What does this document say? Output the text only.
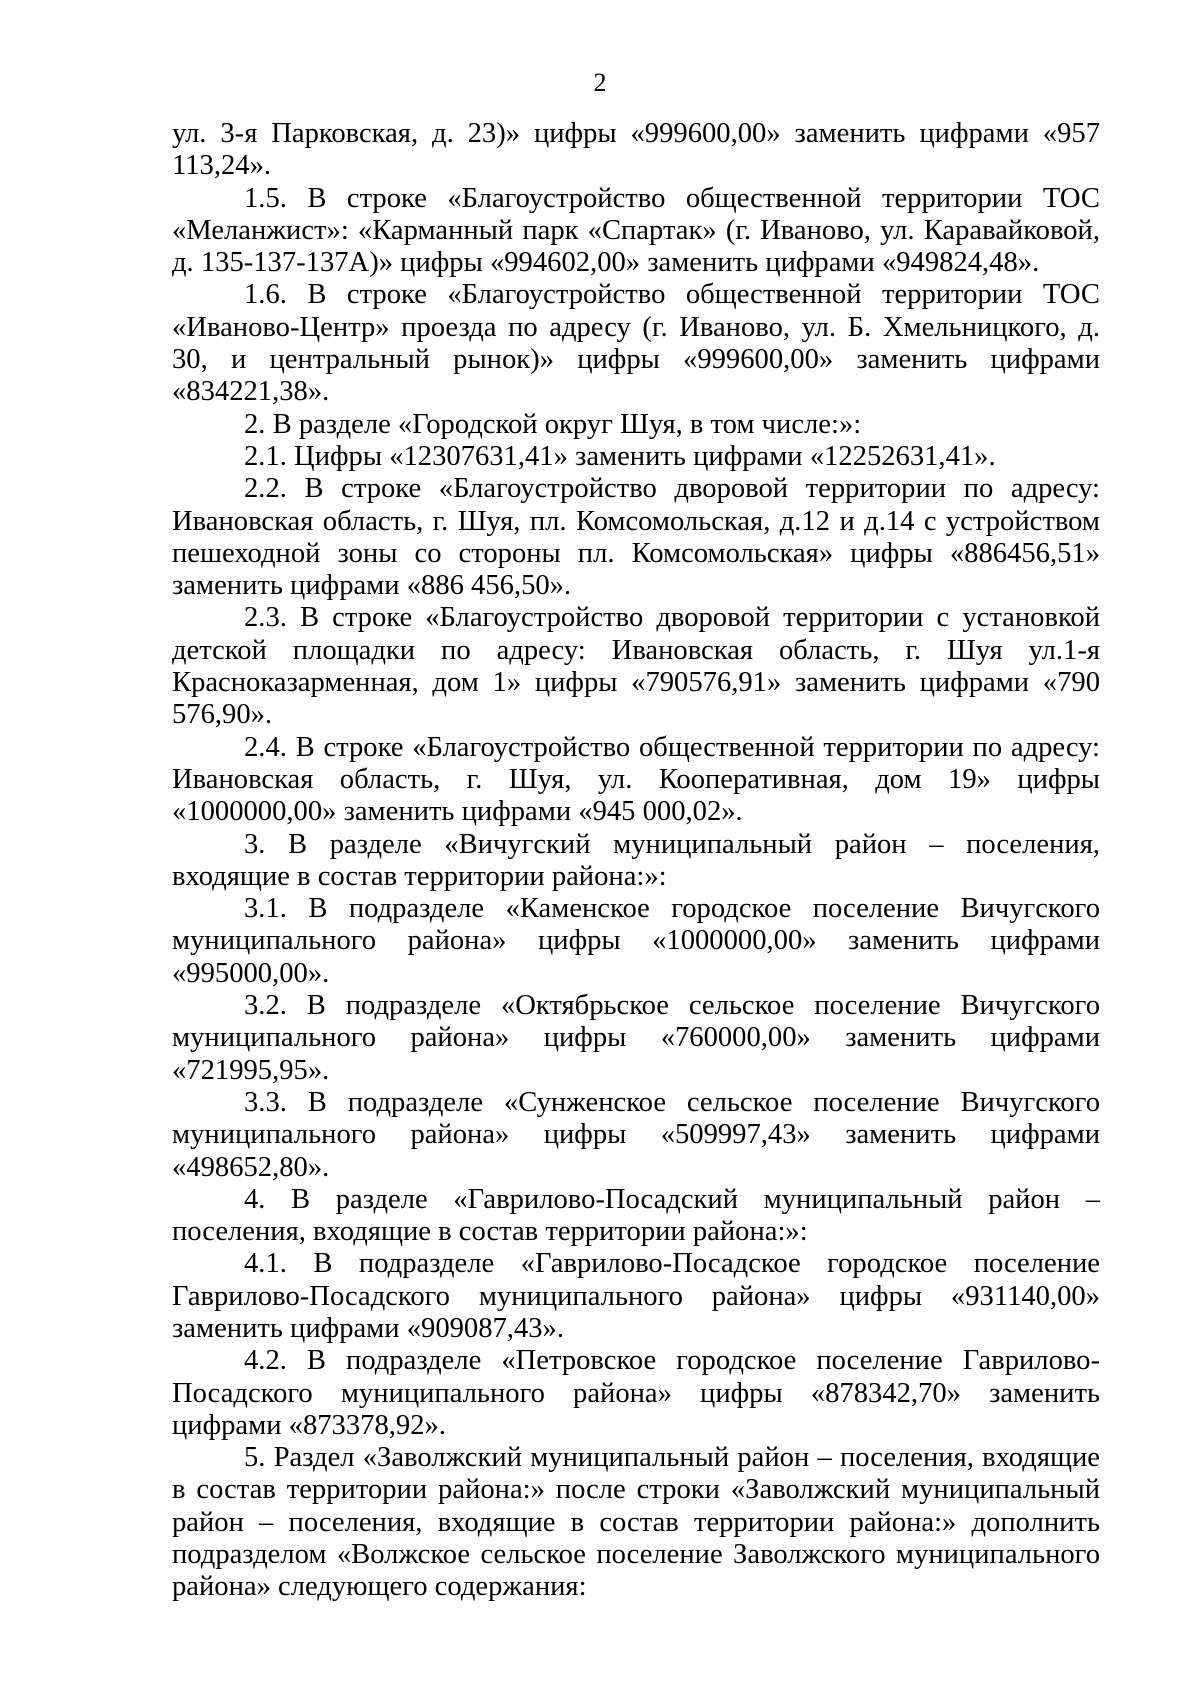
2

ул. 3-я Парковская, д. 23)» цифры «999600,00» заменить цифрами «957 113,24».

1.5. В строке «Благоустройство общественной территории ТОС «Меланжист»: «Карманный парк «Спартак» (г. Иваново, ул. Каравайковой, д. 135-137-137А)» цифры «994602,00» заменить цифрами «949824,48».

1.6. В строке «Благоустройство общественной территории ТОС «Иваново-Центр» проезда по адресу (г. Иваново, ул. Б. Хмельницкого, д. 30, и центральный рынок)» цифры «999600,00» заменить цифрами «834221,38».

2. В разделе «Городской округ Шуя, в том числе:»:

2.1. Цифры «12307631,41» заменить цифрами «12252631,41».

2.2. В строке «Благоустройство дворовой территории по адресу: Ивановская область, г. Шуя, пл. Комсомольская, д.12 и д.14 с устройством пешеходной зоны со стороны пл. Комсомольская» цифры «886456,51» заменить цифрами «886 456,50».

2.3. В строке «Благоустройство дворовой территории с установкой детской площадки по адресу: Ивановская область, г. Шуя ул.1-я Красноказарменная, дом 1» цифры «790576,91» заменить цифрами «790 576,90».

2.4. В строке «Благоустройство общественной территории по адресу: Ивановская область, г. Шуя, ул. Кооперативная, дом 19» цифры «1000000,00» заменить цифрами «945 000,02».

3. В разделе «Вичугский муниципальный район – поселения, входящие в состав территории района:»:

3.1. В подразделе «Каменское городское поселение Вичугского муниципального района» цифры «1000000,00» заменить цифрами «995000,00».

3.2. В подразделе «Октябрьское сельское поселение Вичугского муниципального района» цифры «760000,00» заменить цифрами «721995,95».

3.3. В подразделе «Сунженское сельское поселение Вичугского муниципального района» цифры «509997,43» заменить цифрами «498652,80».

4. В разделе «Гаврилово-Посадский муниципальный район – поселения, входящие в состав территории района:»:

4.1. В подразделе «Гаврилово-Посадское городское поселение Гаврилово-Посадского муниципального района» цифры «931140,00» заменить цифрами «909087,43».

4.2. В подразделе «Петровское городское поселение Гаврилово-Посадского муниципального района» цифры «878342,70» заменить цифрами «873378,92».

5. Раздел «Заволжский муниципальный район – поселения, входящие в состав территории района:» после строки «Заволжский муниципальный район – поселения, входящие в состав территории района:» дополнить подразделом «Волжское сельское поселение Заволжского муниципального района» следующего содержания:
